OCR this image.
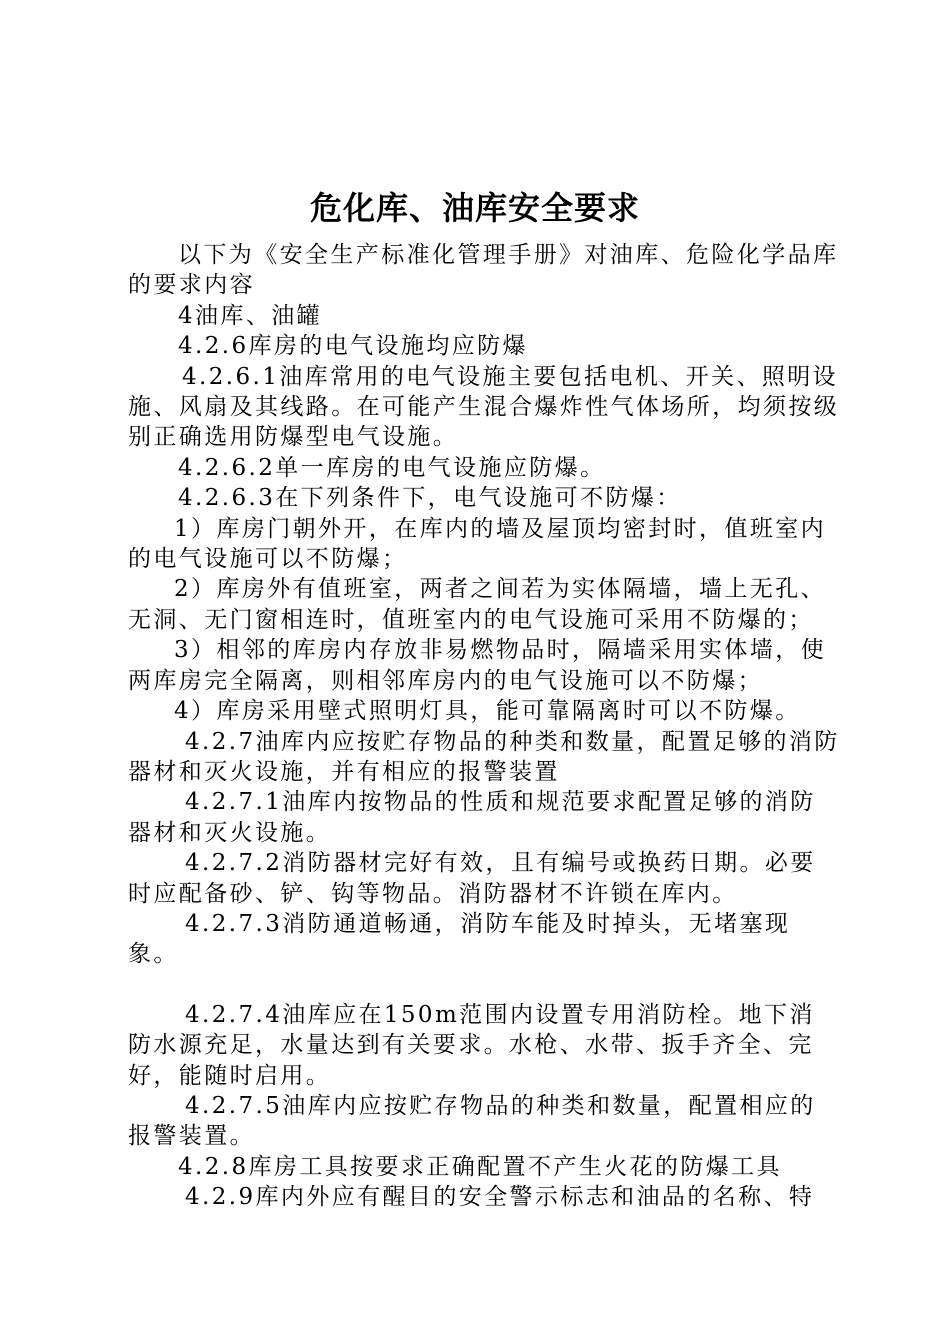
危化库、油库安全要求

以下为《安全生产标准化管理手册》对油库、危险化学品库的要求内容

4油库、油罐

4.2.6库房的电气设施均应防爆

4.2.6.1油库常用的电气设施主要包括电机、开关、照明设施、风扇及其线路。在可能产生混合爆炸性气体场所，均须按级别正确选用防爆型电气设施。

4.2.6.2单一库房的电气设施应防爆。

4.2.6.3在下列条件下，电气设施可不防爆：

1）库房门朝外开，在库内的墙及屋顶均密封时，值班室内的电气设施可以不防爆；

2）库房外有值班室，两者之间若为实体隔墙，墙上无孔、无洞、无门窗相连时，值班室内的电气设施可采用不防爆的；

3）相邻的库房内存放非易燃物品时，隔墙采用实体墙，使两库房完全隔离，则相邻库房内的电气设施可以不防爆；

4）库房采用壁式照明灯具，能可靠隔离时可以不防爆。

4.2.7油库内应按贮存物品的种类和数量，配置足够的消防器材和灭火设施，并有相应的报警装置

4.2.7.1油库内按物品的性质和规范要求配置足够的消防器材和灭火设施。

4.2.7.2消防器材完好有效，且有编号或换药日期。必要时应配备砂、铲、钩等物品。消防器材不许锁在库内。

4.2.7.3消防通道畅通，消防车能及时掉头，无堵塞现象。

4.2.7.4油库应在150m范围内设置专用消防栓。地下消防水源充足，水量达到有关要求。水枪、水带、扳手齐全、完好，能随时启用。

4.2.7.5油库内应按贮存物品的种类和数量，配置相应的报警装置。

4.2.8库房工具按要求正确配置不产生火花的防爆工具

4.2.9库内外应有醒目的安全警示标志和油品的名称、特
